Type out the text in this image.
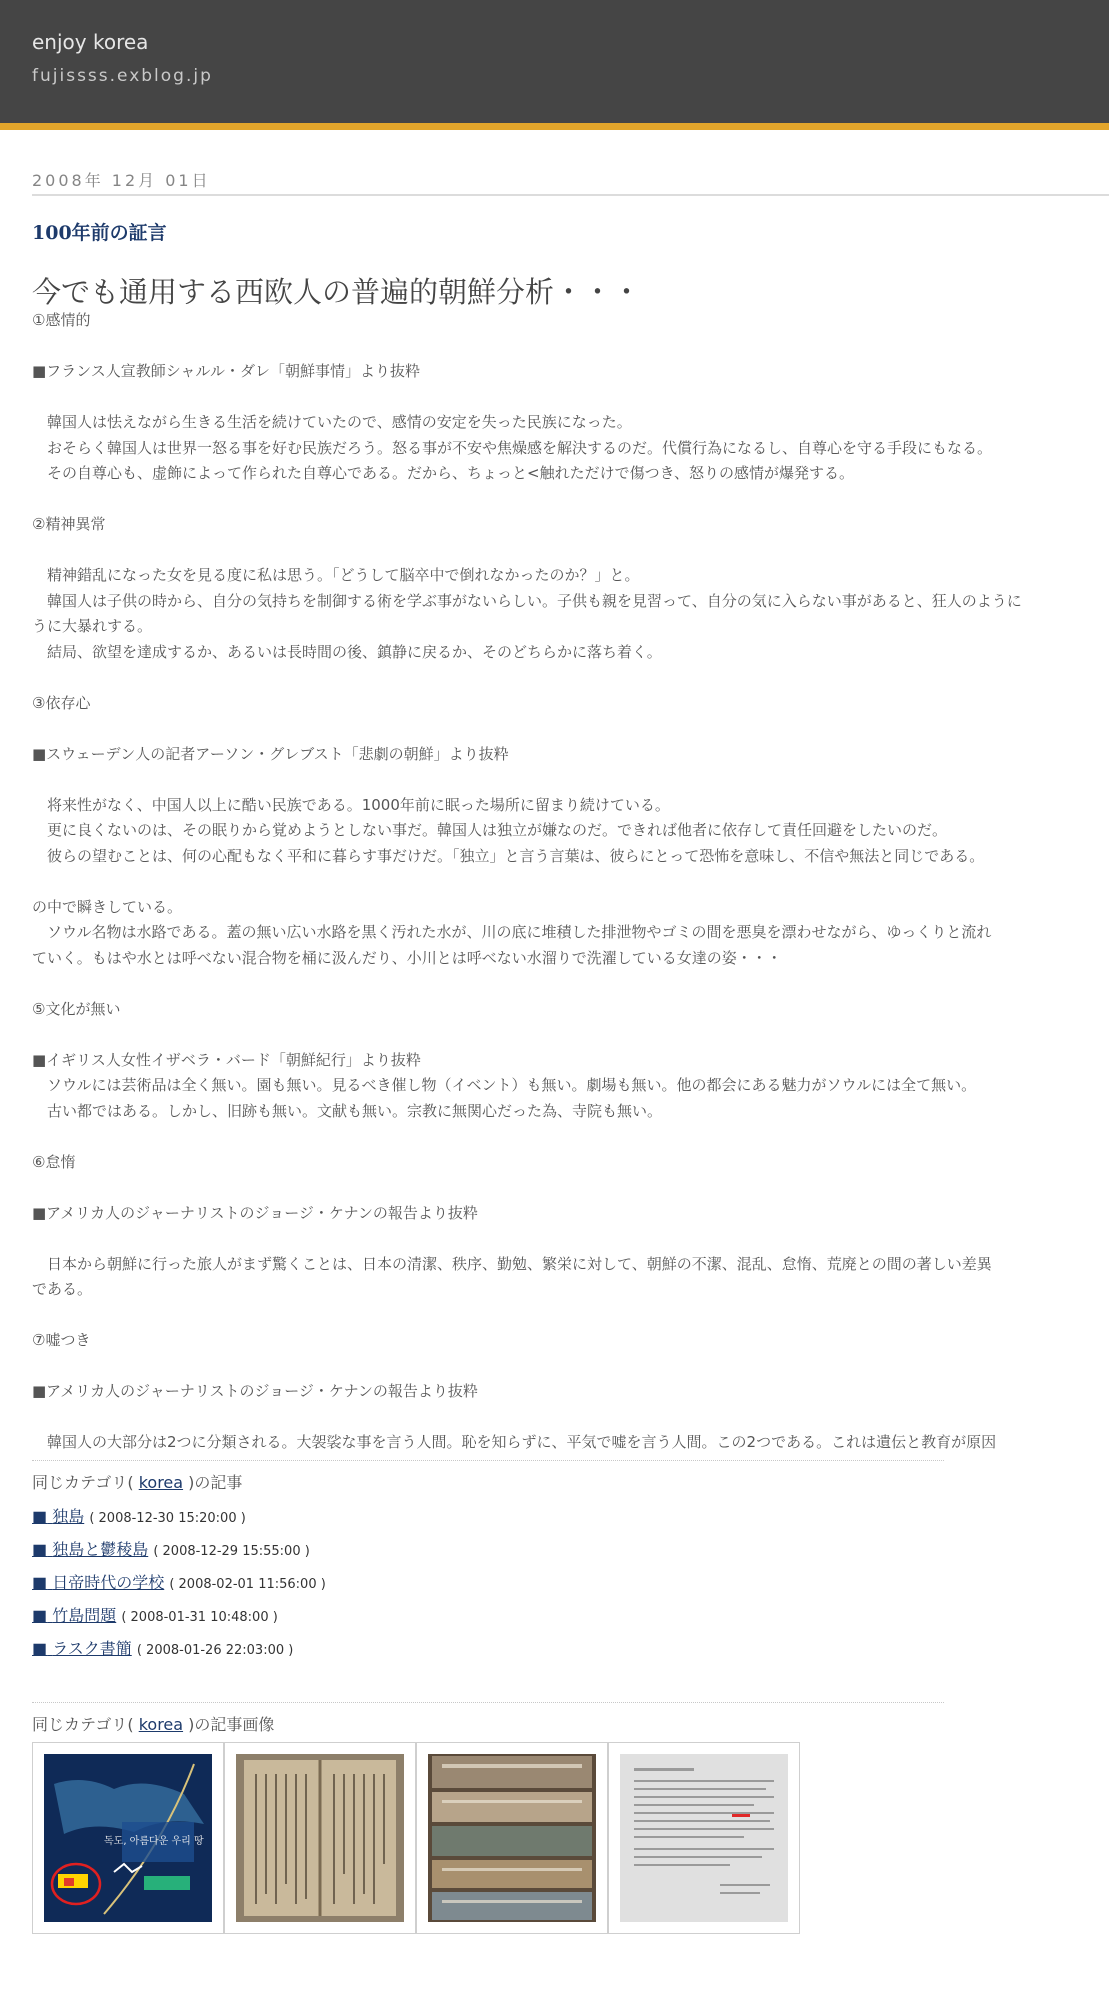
enjoy korea
fujissss.exblog.jp
2008年 12月 01日
100年前の証言
今でも通用する西欧人の普遍的朝鮮分析・・・
①感情的
■フランス人宣教師シャルル・ダレ「朝鮮事情」より抜粋
　韓国人は怯えながら生きる生活を続けていたので、感情の安定を失った民族になった。
　おそらく韓国人は世界一怒る事を好む民族だろう。怒る事が不安や焦燥感を解決するのだ。代償行為になるし、自尊心を守る手段にもなる。
　その自尊心も、虚飾によって作られた自尊心である。だから、ちょっと<触れただけで傷つき、怒りの感情が爆発する。
②精神異常
　精神錯乱になった女を見る度に私は思う。「どうして脳卒中で倒れなかったのか？」と。
　韓国人は子供の時から、自分の気持ちを制御する術を学ぶ事がないらしい。子供も親を見習って、自分の気に入らない事があると、狂人のように
うに大暴れする。
　結局、欲望を達成するか、あるいは長時間の後、鎮静に戻るか、そのどちらかに落ち着く。
③依存心
■スウェーデン人の記者アーソン・グレブスト「悲劇の朝鮮」より抜粋
　将来性がなく、中国人以上に酷い民族である。1000年前に眠った場所に留まり続けている。
　更に良くないのは、その眠りから覚めようとしない事だ。韓国人は独立が嫌なのだ。できれば他者に依存して責任回避をしたいのだ。
　彼らの望むことは、何の心配もなく平和に暮らす事だけだ。「独立」と言う言葉は、彼らにとって恐怖を意味し、不信や無法と同じである。
の中で瞬きしている。
　ソウル名物は水路である。蓋の無い広い水路を黒く汚れた水が、川の底に堆積した排泄物やゴミの間を悪臭を漂わせながら、ゆっくりと流れ
ていく。もはや水とは呼べない混合物を桶に汲んだり、小川とは呼べない水溜りで洗濯している女達の姿・・・
⑤文化が無い
■イギリス人女性イザベラ・バード「朝鮮紀行」より抜粋
　ソウルには芸術品は全く無い。園も無い。見るべき催し物（イベント）も無い。劇場も無い。他の都会にある魅力がソウルには全て無い。
　古い都ではある。しかし、旧跡も無い。文献も無い。宗教に無関心だった為、寺院も無い。
⑥怠惰
■アメリカ人のジャーナリストのジョージ・ケナンの報告より抜粋
　日本から朝鮮に行った旅人がまず驚くことは、日本の清潔、秩序、勤勉、繁栄に対して、朝鮮の不潔、混乱、怠惰、荒廃との間の著しい差異
である。
⑦嘘つき
■アメリカ人のジャーナリストのジョージ・ケナンの報告より抜粋
　韓国人の大部分は2つに分類される。大袈裟な事を言う人間。恥を知らずに、平気で嘘を言う人間。この2つである。これは遺伝と教育が原因
同じカテゴリ( korea )の記事
■ 独島 ( 2008-12-30 15:20:00 )
■ 独島と鬱稜島 ( 2008-12-29 15:55:00 )
■ 日帝時代の学校 ( 2008-02-01 11:56:00 )
■ 竹島問題 ( 2008-01-31 10:48:00 )
■ ラスク書簡 ( 2008-01-26 22:03:00 )
同じカテゴリ( korea )の記事画像
독도, 아름다운 우리 땅
